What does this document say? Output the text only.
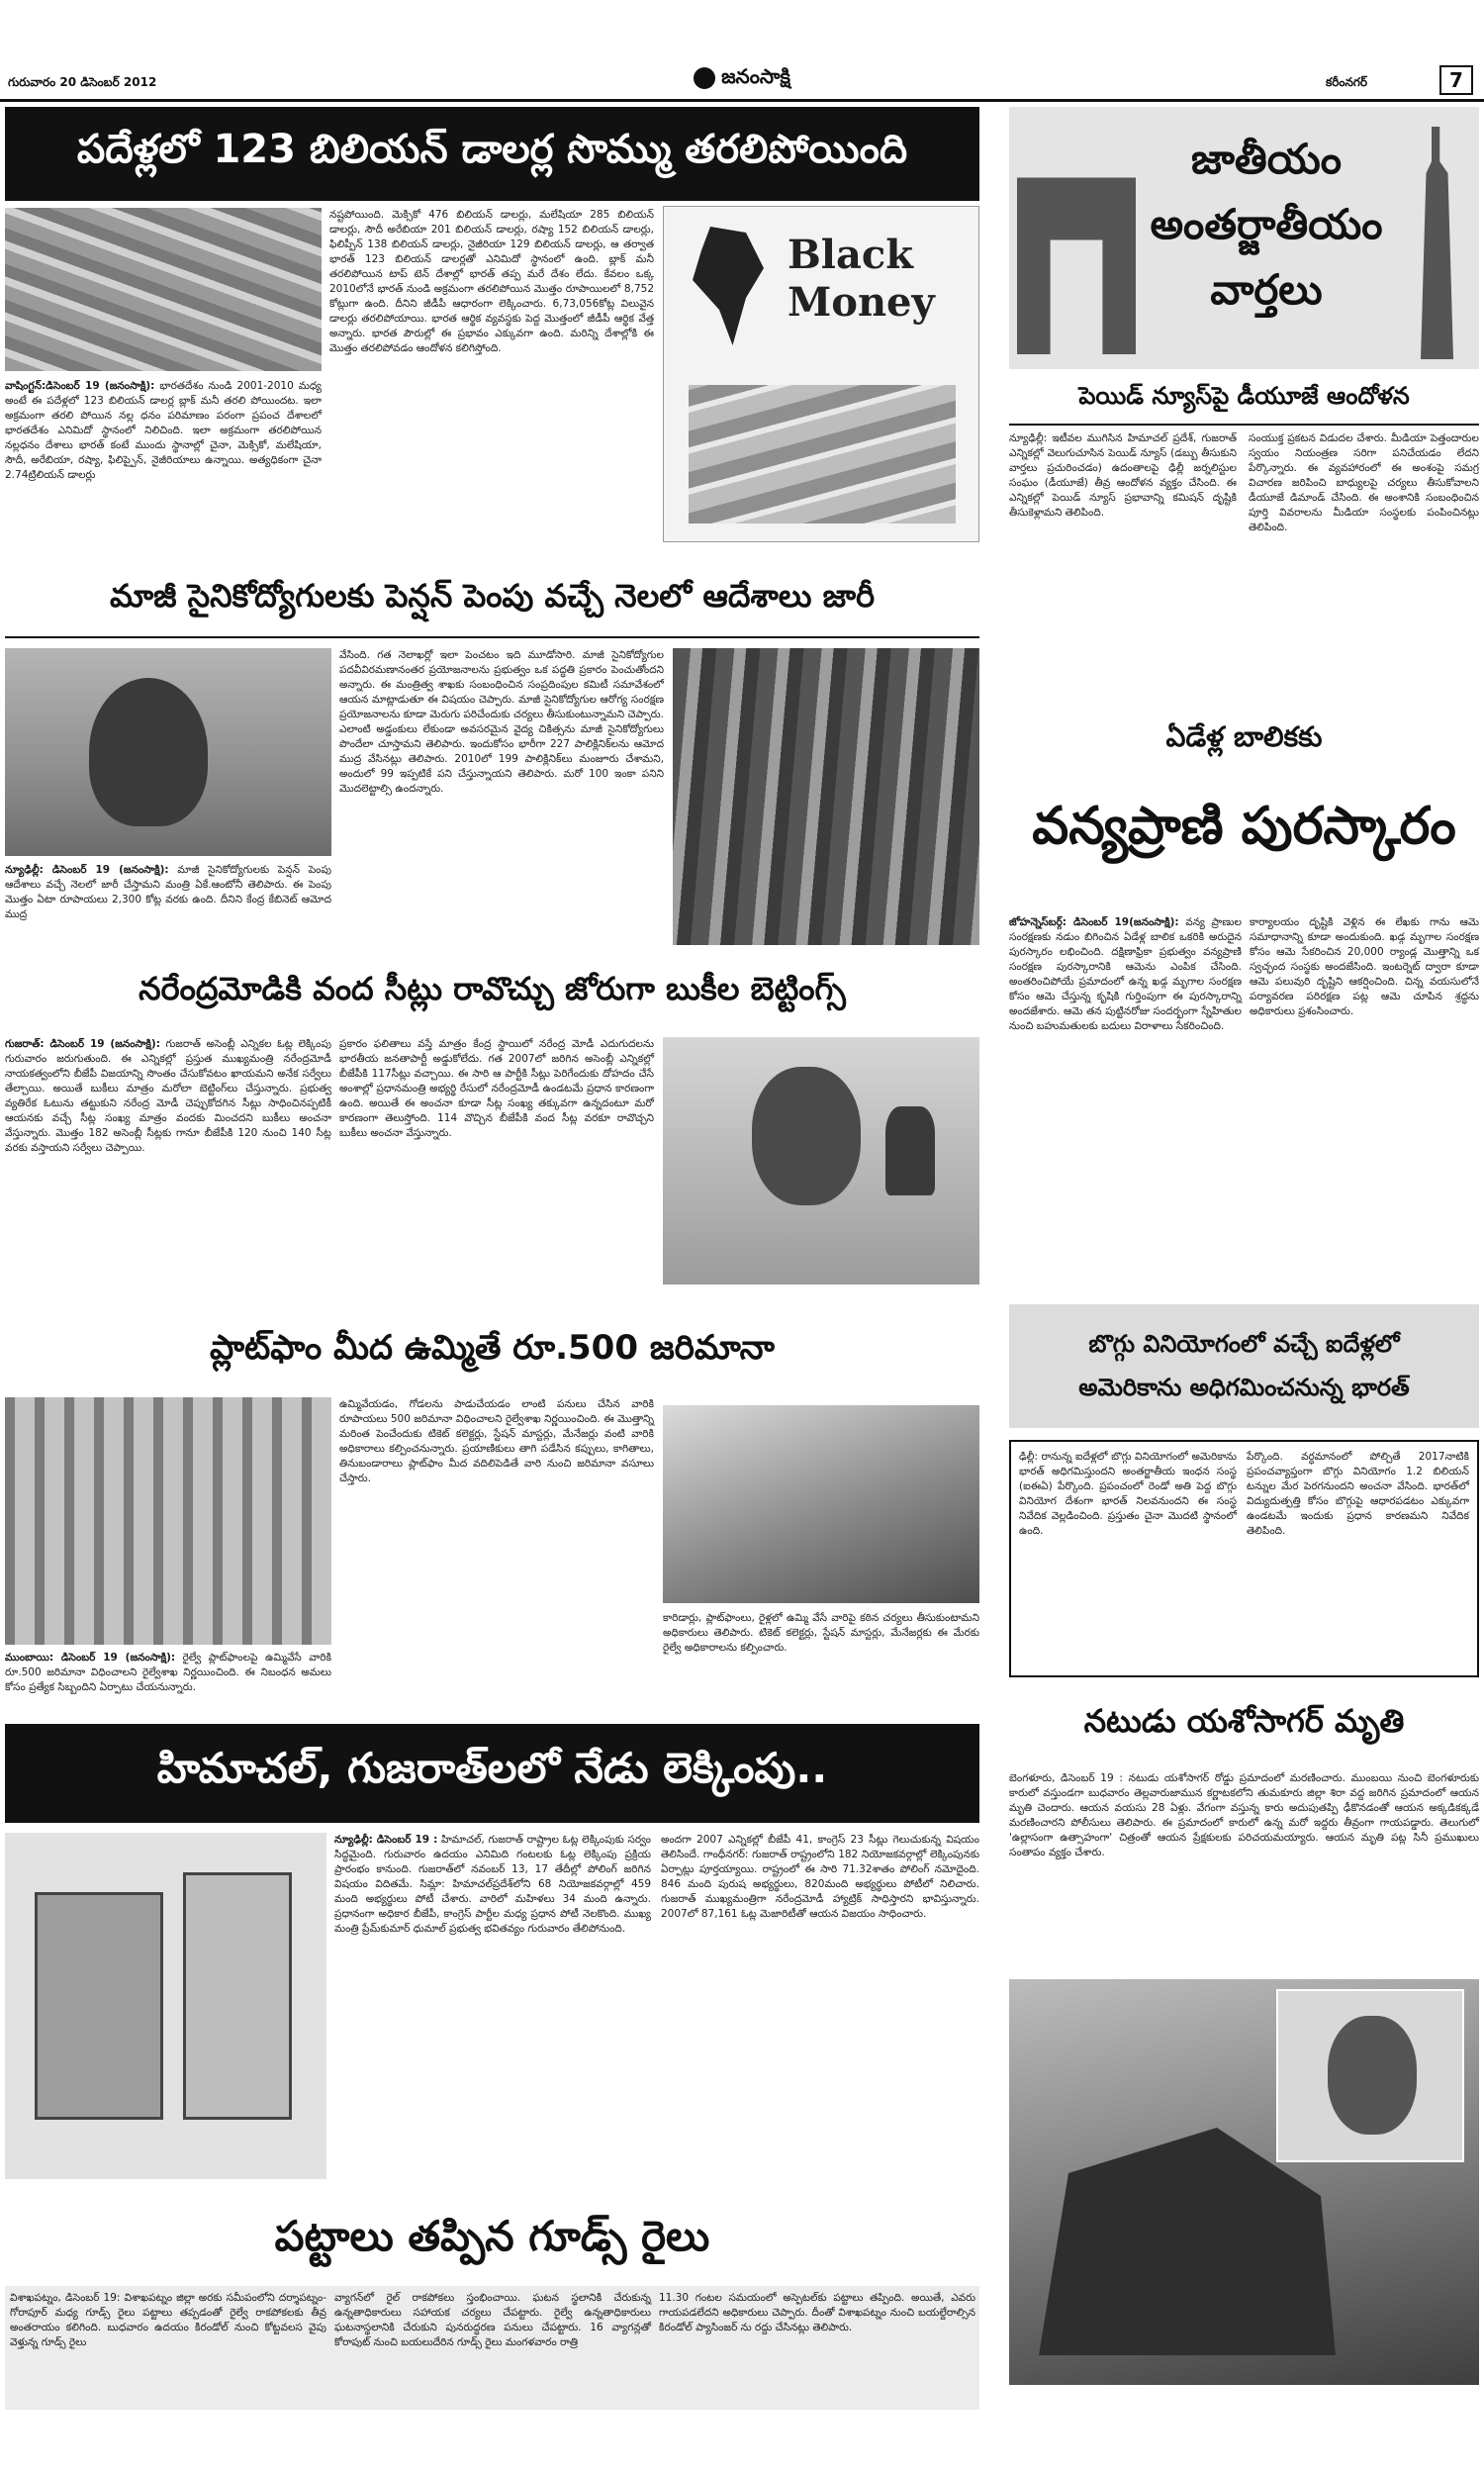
గురువారం 20 డిసెంబర్ 2012	జనంసాక్షి	కరీంనగర్	7
పదేళ్లలో 123 బిలియన్ డాలర్ల సొమ్ము తరలిపోయింది
Black Money
వాషింగ్టన్:డిసెంబర్ 19 (జనంసాక్షి): భారతదేశం నుండి 2001-2010 మధ్య అంటే ఈ పదేళ్లలో 123 బిలియన్ డాలర్ల బ్లాక్ మనీ తరలి పోయిందట. ఇలా అక్రమంగా తరలి పోయిన నల్ల ధనం పరిమాణం పరంగా ప్రపంచ దేశాలలో భారతదేశం ఎనిమిదో స్థానంలో నిలిచింది. ఇలా అక్రమంగా తరలిపోయిన నల్లధనం దేశాలు భారత్ కంటే ముందు స్థానాల్లో చైనా, మెక్సికో, మలేషియా, సౌదీ, అరేబియా, రష్యా, ఫిలిప్పైన్, నైజీరియాలు ఉన్నాయి. అత్యధికంగా చైనా 2.74ట్రిలియన్ డాలర్లు
నష్టపోయింది. మెక్సికో 476 బిలియన్ డాలర్లు, మలేషియా 285 బిలియన్ డాలర్లు, సౌదీ అరేబియా 201 బిలియన్ డాలర్లు, రష్యా 152 బిలియన్ డాలర్లు, ఫిలిప్పీన్ 138 బిలియన్ డాలర్లు, నైజీరియా 129 బిలియన్ డాలర్లు, ఆ తర్వాత భారత్ 123 బిలియన్ డాలర్లతో ఎనిమిదో స్థానంలో ఉంది. బ్లాక్ మనీ తరలిపోయిన టాప్ టెన్ దేశాల్లో భారత్ తప్ప మరే దేశం లేదు. కేవలం ఒక్క 2010లోనే భారత్ నుండి అక్రమంగా తరలిపోయిన మొత్తం రూపాయిలలో 8,752 కోట్లుగా ఉంది. దీనిని జీడీపీ ఆధారంగా లెక్కించారు. 6,73,056కోట్ల విలువైన డాలర్లు తరలిపోయాయి. భారత ఆర్థిక వ్యవస్థకు పెద్ద మొత్తంలో జీడీపీ ఆర్థిక వేత్త అన్నారు. భారత పౌరుల్లో ఈ ప్రభావం ఎక్కువగా ఉంది. మరిన్ని దేశాల్లోకి ఈ మొత్తం తరలిపోవడం ఆందోళన కలిగిస్తోంది.
జాతీయం
అంతర్జాతీయం
వార్తలు
పెయిడ్ న్యూస్‌పై డీయూజే ఆందోళన
న్యూఢిల్లీ: ఇటీవల ముగిసిన హిమాచల్ ప్రదేశ్, గుజరాత్ ఎన్నికల్లో వెలుగుచూసిన పెయిడ్ న్యూస్ (డబ్బు తీసుకుని వార్తలు ప్రచురించడం) ఉదంతాలపై ఢిల్లీ జర్నలిస్టుల సంఘం (డీయూజే) తీవ్ర ఆందోళన వ్యక్తం చేసింది. ఈ ఎన్నికల్లో పెయిడ్ న్యూస్ ప్రభావాన్ని కమిషన్ దృష్టికి తీసుకెళ్లామని తెలిపింది.
సంయుక్త ప్రకటన విడుదల చేశారు. మీడియా పెత్తందారుల స్వయం నియంత్రణ సరిగా పనిచేయడం లేదని పేర్కొన్నారు. ఈ వ్యవహారంలో ఈ అంశంపై సమగ్ర విచారణ జరిపించి బాధ్యులపై చర్యలు తీసుకోవాలని డీయూజే డిమాండ్ చేసింది. ఈ అంశానికి సంబంధించిన పూర్తి వివరాలను మీడియా సంస్థలకు పంపించినట్లు తెలిపింది.
మాజీ సైనికోద్యోగులకు పెన్షన్ పెంపు వచ్చే నెలలో ఆదేశాలు జారీ
న్యూఢిల్లీ: డిసెంబర్ 19 (జనంసాక్షి): మాజీ సైనికోద్యోగులకు పెన్షన్ పెంపు ఆదేశాలు వచ్చే నెలలో జారీ చేస్తామని మంత్రి ఏకే.ఆంటోనీ తెలిపారు. ఈ పెంపు మొత్తం ఏటా రూపాయలు 2,300 కోట్ల వరకు ఉంది. దీనిని కేంద్ర కేబినెట్ ఆమోద ముద్ర
వేసింది. గత నెలాఖర్లో ఇలా పెంచటం ఇది మూడోసారి. మాజీ సైనికోద్యోగుల పదవీవిరమణానంతర ప్రయోజనాలను ప్రభుత్వం ఒక పద్ధతి ప్రకారం పెంచుతోందని అన్నారు. ఈ మంత్రిత్వ శాఖకు సంబంధించిన సంప్రదింపుల కమిటీ సమావేశంలో ఆయన మాట్లాడుతూ ఈ విషయం చెప్పారు. మాజీ సైనికోద్యోగుల ఆరోగ్య సంరక్షణ ప్రయోజనాలను కూడా మెరుగు పరిచేందుకు చర్యలు తీసుకుంటున్నామని చెప్పారు. ఎలాంటి అడ్డంకులు లేకుండా అవసరమైన వైద్య చికిత్సను మాజీ సైనికోద్యోగులు పొందేలా చూస్తామని తెలిపారు. ఇందుకోసం భారీగా 227 పాలిక్లినిక్‌లను ఆమోద ముద్ర వేసినట్లు తెలిపారు. 2010లో 199 పాలిక్లినిక్‌లు మంజూరు చేశామని, అందులో 99 ఇప్పటికే పని చేస్తున్నాయని తెలిపారు. మరో 100 ఇంకా పనిని మొదలెట్టాల్సి ఉందన్నారు.
ఏడేళ్ల బాలికకు
వన్యప్రాణి పురస్కారం
జోహన్నెస్‌బర్గ్: డిసెంబర్ 19(జనంసాక్షి): వన్య ప్రాణుల సంరక్షణకు నడుం బిగించిన ఏడేళ్ల బాలిక ఒకరికి అరుదైన పురస్కారం లభించింది. దక్షిణాఫ్రికా ప్రభుత్వం వన్యప్రాణి సంరక్షణ పురస్కారానికి ఆమెను ఎంపిక చేసింది. అంతరించిపోయే ప్రమాదంలో ఉన్న ఖడ్గ మృగాల సంరక్షణ కోసం ఆమె చేస్తున్న కృషికి గుర్తింపుగా ఈ పురస్కారాన్ని అందజేశారు. ఆమె తన పుట్టినరోజు సందర్భంగా స్నేహితుల నుంచి బహుమతులకు బదులు విరాళాలు సేకరించింది.
కార్యాలయం దృష్టికి వెళ్లిన ఈ లేఖకు గాను ఆమె సమాధానాన్ని కూడా అందుకుంది. ఖడ్గ మృగాల సంరక్షణ కోసం ఆమె సేకరించిన 20,000 ర్యాండ్ల మొత్తాన్ని ఒక స్వచ్ఛంద సంస్థకు అందజేసింది. ఇంటర్నెట్ ద్వారా కూడా ఆమె పలువురి దృష్టిని ఆకర్షించింది. చిన్న వయసులోనే పర్యావరణ పరిరక్షణ పట్ల ఆమె చూపిన శ్రద్ధను అధికారులు ప్రశంసించారు.
నరేంద్రమోడికి వంద సీట్లు రావొచ్చు జోరుగా బుకీల బెట్టింగ్స్
గుజరాత్: డిసెంబర్ 19 (జనంసాక్షి): గుజరాత్ అసెంబ్లీ ఎన్నికల ఓట్ల లెక్కింపు గురువారం జరుగుతుంది. ఈ ఎన్నికల్లో ప్రస్తుత ముఖ్యమంత్రి నరేంద్రమోడీ నాయకత్వంలోని బీజేపీ విజయాన్ని సొంతం చేసుకోవటం ఖాయమని అనేక సర్వేలు తేల్చాయి. అయితే బుకీలు మాత్రం మరోలా బెట్టింగ్‌లు చేస్తున్నారు. ప్రభుత్వ వ్యతిరేక ఓటును తట్టుకుని నరేంద్ర మోడీ చెప్పుకోదగిన సీట్లు సాధించినప్పటికీ ఆయనకు వచ్చే సీట్ల సంఖ్య మాత్రం వందకు మించదని బుకీలు అంచనా వేస్తున్నారు. మొత్తం 182 అసెంబ్లీ సీట్లకు గానూ బీజేపీకి 120 నుంచి 140 సీట్ల వరకు వస్తాయని సర్వేలు చెప్పాయి.
ప్రకారం ఫలితాలు వస్తే మాత్రం కేంద్ర స్థాయిలో నరేంద్ర మోడీ ఎదుగుదలను భారతీయ జనతాపార్టీ అడ్డుకోలేదు. గత 2007లో జరిగిన అసెంబ్లీ ఎన్నికల్లో బీజేపీకి 117సీట్లు వచ్చాయి. ఈ సారి ఆ పార్టీకి సీట్లు పెరిగేందుకు దోహదం చేసే అంశాల్లో ప్రధానమంత్రి అభ్యర్థి రేసులో నరేంద్రమోడీ ఉండటమే ప్రధాన కారణంగా ఉంది. అయితే ఈ అంచనా కూడా సీట్ల సంఖ్య తక్కువగా ఉన్నదంటూ మరో కారణంగా తెలుస్తోంది. 114 వొచ్చిన బీజేపీకి వంద సీట్ల వరకూ రావొచ్చని బుకీలు అంచనా వేస్తున్నారు.
ప్లాట్‌ఫాం మీద ఉమ్మితే రూ.500 జరిమానా
ఉమ్మివేయడం, గోడలను పాడుచేయడం లాంటి పనులు చేసిన వారికి రూపాయలు 500 జరిమానా విధించాలని రైల్వేశాఖ నిర్ణయించింది. ఈ మొత్తాన్ని మరింత పెంచేందుకు టికెట్ కలెక్టర్లు, స్టేషన్ మాస్టర్లు, మేనేజర్లు వంటి వారికి అధికారాలు కల్పించనున్నారు. ప్రయాణికులు తాగి పడేసిన కప్పులు, కాగితాలు, తినుబండారాలు ప్లాట్‌ఫాం మీద వదిలిపెడితే వారి నుంచి జరిమానా వసూలు చేస్తారు.
కారిడార్లు, ప్లాట్‌ఫాంలు, రైళ్లలో ఉమ్మి వేసే వారిపై కఠిన చర్యలు తీసుకుంటామని అధికారులు తెలిపారు. టికెట్ కలెక్టర్లు, స్టేషన్ మాస్టర్లు, మేనేజర్లకు ఈ మేరకు రైల్వే అధికారాలను కల్పించారు.
ముంబాయి: డిసెంబర్ 19 (జనంసాక్షి): రైల్వే ప్లాట్‌ఫాంలపై ఉమ్మివేసే వారికి రూ.500 జరిమానా విధించాలని రైల్వేశాఖ నిర్ణయించింది. ఈ నిబంధన అమలు కోసం ప్రత్యేక సిబ్బందిని ఏర్పాటు చేయనున్నారు.
బొగ్గు వినియోగంలో వచ్చే ఐదేళ్లలో
అమెరికాను అధిగమించనున్న భారత్
ఢిల్లీ: రానున్న ఐదేళ్లలో బొగ్గు వినియోగంలో అమెరికాను భారత్ అధిగమిస్తుందని అంతర్జాతీయ ఇంధన సంస్థ (ఐఈఏ) పేర్కొంది. ప్రపంచంలో రెండో అతి పెద్ద బొగ్గు వినియోగ దేశంగా భారత్ నిలవనుందని ఈ సంస్థ నివేదిక వెల్లడించింది. ప్రస్తుతం చైనా మొదటి స్థానంలో ఉంది.
పేర్కొంది. వర్ధమానంలో పోల్చితే 2017నాటికి ప్రపంచవ్యాప్తంగా బొగ్గు వినియోగం 1.2 బిలియన్ టన్నుల మేర పెరగనుందని అంచనా వేసింది. భారత్‌లో విద్యుదుత్పత్తి కోసం బొగ్గుపై ఆధారపడటం ఎక్కువగా ఉండటమే ఇందుకు ప్రధాన కారణమని నివేదిక తెలిపింది.
నటుడు యశోసాగర్ మృతి
బెంగళూరు, డిసెంబర్ 19 : నటుడు యశోసాగర్ రోడ్డు ప్రమాదంలో మరణించారు. ముంబయి నుంచి బెంగళూరుకు కారులో వస్తుండగా బుధవారం తెల్లవారుజామున కర్ణాటకలోని తుమకూరు జిల్లా శిరా వద్ద జరిగిన ప్రమాదంలో ఆయన మృతి చెందారు. ఆయన వయసు 28 ఏళ్లు. వేగంగా వస్తున్న కారు అదుపుతప్పి ఢీకొనడంతో ఆయన అక్కడికక్కడే మరణించారని పోలీసులు తెలిపారు. ఈ ప్రమాదంలో కారులో ఉన్న మరో ఇద్దరు తీవ్రంగా గాయపడ్డారు. తెలుగులో 'ఉల్లాసంగా ఉత్సాహంగా' చిత్రంతో ఆయన ప్రేక్షకులకు పరిచయమయ్యారు. ఆయన మృతి పట్ల సినీ ప్రముఖులు సంతాపం వ్యక్తం చేశారు.
హిమాచల్, గుజరాత్‌లలో నేడు లెక్కింపు..
న్యూఢిల్లీ: డిసెంబర్ 19 : హిమాచల్, గుజరాత్ రాష్ట్రాల ఓట్ల లెక్కింపుకు సర్వం సిద్ధమైంది. గురువారం ఉదయం ఎనిమిది గంటలకు ఓట్ల లెక్కింపు ప్రక్రియ ప్రారంభం కానుంది. గుజరాత్‌లో నవంబర్ 13, 17 తేదీల్లో పోలింగ్ జరిగిన విషయం విదితమే. సిమ్లా: హిమాచల్‌ప్రదేశ్‌లోని 68 నియోజకవర్గాల్లో 459 మంది అభ్యర్థులు పోటీ చేశారు. వారిలో మహిళలు 34 మంది ఉన్నారు. ప్రధానంగా అధికార బీజేపీ, కాంగ్రెస్ పార్టీల మధ్య ప్రధాన పోటీ నెలకొంది. ముఖ్య మంత్రి ప్రేమ్‌కుమార్ ధుమాల్ ప్రభుత్వ భవితవ్యం గురువారం తేలిపోనుంది.
అందగా 2007 ఎన్నికల్లో బీజేపీ 41, కాంగ్రెస్ 23 సీట్లు గెలుచుకున్న విషయం తెలిసిందే. గాంధీనగర్: గుజరాత్ రాష్ట్రంలోని 182 నియోజకవర్గాల్లో లెక్కింపునకు ఏర్పాట్లు పూర్తయ్యాయి. రాష్ట్రంలో ఈ సారి 71.32శాతం పోలింగ్ నమోదైంది. 846 మంది పురుష అభ్యర్థులు, 820మంది అభ్యర్థులు పోటీలో నిలిచారు. గుజరాత్ ముఖ్యమంత్రిగా నరేంద్రమోడీ హ్యాట్రిక్ సాధిస్తారని భావిస్తున్నారు. 2007లో 87,161 ఓట్ల మెజారిటీతో ఆయన విజయం సాధించారు.
పట్టాలు తప్పిన గూడ్స్ రైలు
విశాఖపట్నం, డిసెంబర్ 19: విశాఖపట్నం జిల్లా అరకు సమీపంలోని దర్శాపట్నం-గోరాపూర్ మధ్య గూడ్స్ రైలు పట్టాలు తప్పడంతో రైల్వే రాకపోకలకు తీవ్ర అంతరాయం కలిగింది. బుధవారం ఉదయం కిరండోల్ నుంచి కోట్టవలస వైపు వెళ్తున్న గూడ్స్ రైలు
వ్యాగన్‌లో రైల్ రాకపోకలు స్తంభించాయి. ఘటన స్థలానికి చేరుకున్న ఉన్నతాధికారులు సహాయక చర్యలు చేపట్టారు. రైల్వే ఉన్నతాధికారులు ఘటనాస్థలానికి చేరుకుని పునరుద్ధరణ పనులు చేపట్టారు. 16 వ్యాగన్లతో కోరాపుట్ నుంచి బయలుదేరిన గూడ్స్ రైలు మంగళవారం రాత్రి
11.30 గంటల సమయంలో అస్పెటల్‌కు పట్టాలు తప్పింది. అయితే, ఎవరు గాయపడలేదని అధికారులు చెప్పారు. దీంతో విశాఖపట్నం నుంచి బయల్దేరాల్సిన కిరండోల్ ప్యాసింజర్ ను రద్దు చేసినట్లు తెలిపారు.
